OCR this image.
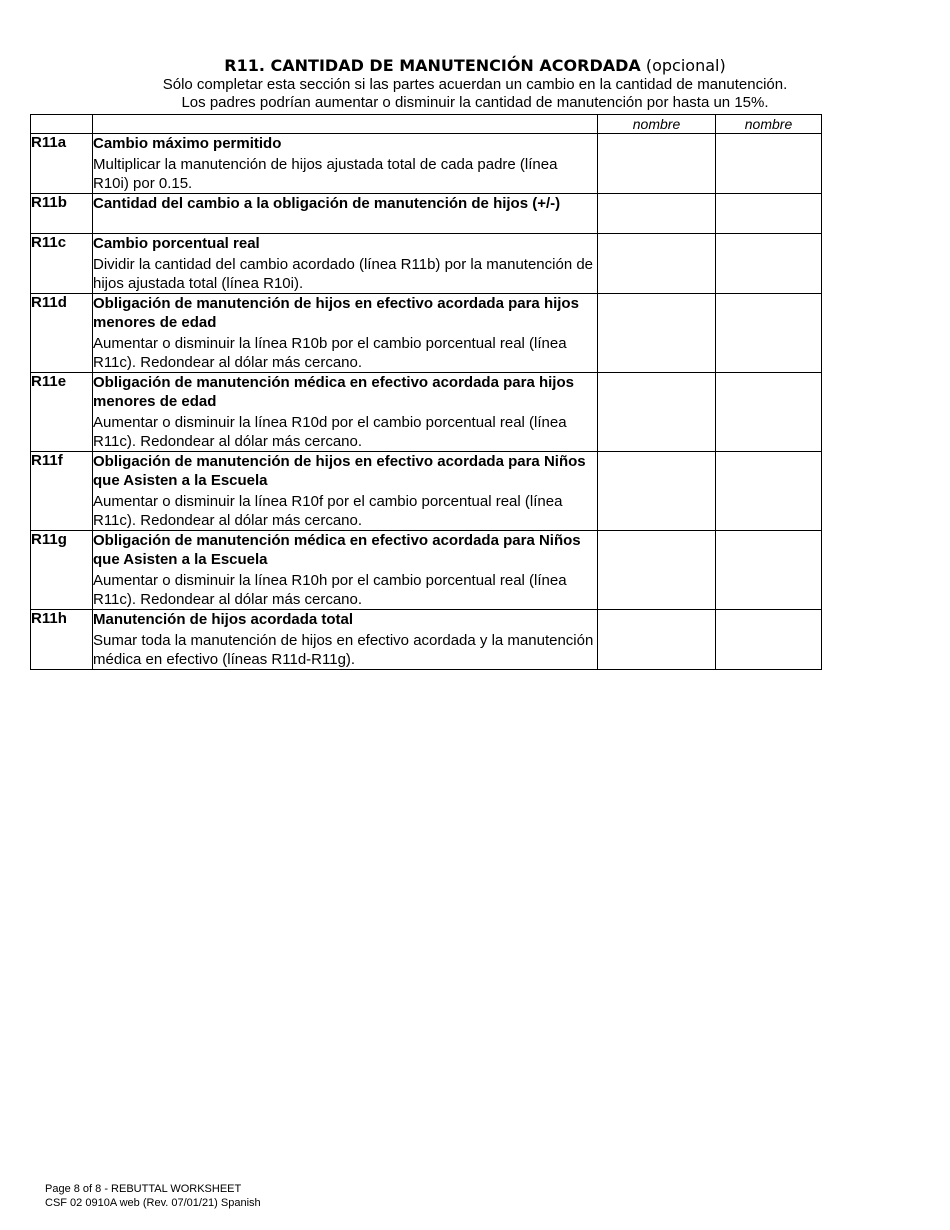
R11. CANTIDAD DE MANUTENCIÓN ACORDADA (opcional)
Sólo completar esta sección si las partes acuerdan un cambio en la cantidad de manutención.
Los padres podrían aumentar o disminuir la cantidad de manutención por hasta un 15%.
		nombre	nombre
R11a	Cambio máximo permitido
Multiplicar la manutención de hijos ajustada total de cada padre (línea R10i) por 0.15.		

R11b	Cantidad del cambio a la obligación de manutención de hijos (+/-)		

R11c	Cambio porcentual real
Dividir la cantidad del cambio acordado (línea R11b) por la manutención de hijos ajustada total (línea R10i).		

R11d	Obligación de manutención de hijos en efectivo acordada para hijos menores de edad
Aumentar o disminuir la línea R10b por el cambio porcentual real (línea R11c). Redondear al dólar más cercano.		

R11e	Obligación de manutención médica en efectivo acordada para hijos menores de edad
Aumentar o disminuir la línea R10d por el cambio porcentual real (línea R11c). Redondear al dólar más cercano.		

R11f	Obligación de manutención de hijos en efectivo acordada para Niños que Asisten a la Escuela
Aumentar o disminuir la línea R10f por el cambio porcentual real (línea R11c). Redondear al dólar más cercano.		

R11g	Obligación de manutención médica en efectivo acordada para Niños que Asisten a la Escuela
Aumentar o disminuir la línea R10h por el cambio porcentual real (línea R11c). Redondear al dólar más cercano.		

R11h	Manutención de hijos acordada total
Sumar toda la manutención de hijos en efectivo acordada y la manutención médica en efectivo (líneas R11d-R11g).		

Page 8 of 8 - REBUTTAL WORKSHEET
CSF 02 0910A web (Rev. 07/01/21) Spanish
